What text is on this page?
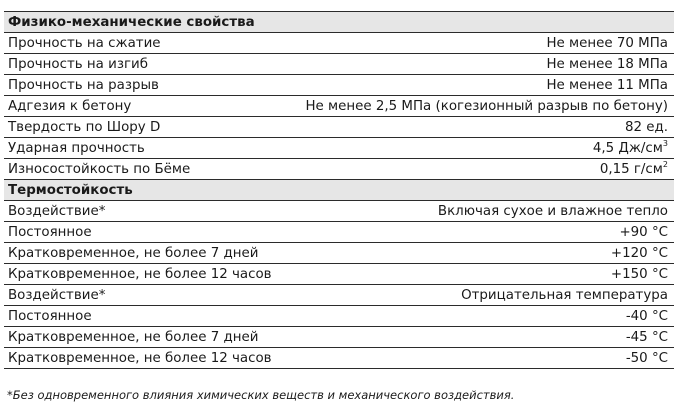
Физико-механические свойства
Прочность на сжатие	Не менее 70 МПа
Прочность на изгиб	Не менее 18 МПа
Прочность на разрыв	Не менее 11 МПа
Адгезия к бетону	Не менее 2,5 МПа (когезионный разрыв по бетону)
Твердость по Шору D	82 ед.
Ударная прочность	4,5 $Дж/см^3$
Износостойкость по Бёме	0,15 $г/см^2$
Термостойкость
Воздействие*	Включая сухое и влажное тепло
Постоянное	+90 °C
Кратковременное, не более 7 дней	+120 °C
Кратковременное, не более 12 часов	+150 °C
Воздействие*	Отрицательная температура
Постоянное	-40 °C
Кратковременное, не более 7 дней	-45 °C
Кратковременное, не более 12 часов	-50 °C
*Без одновременного влияния химических веществ и механического воздействия.
